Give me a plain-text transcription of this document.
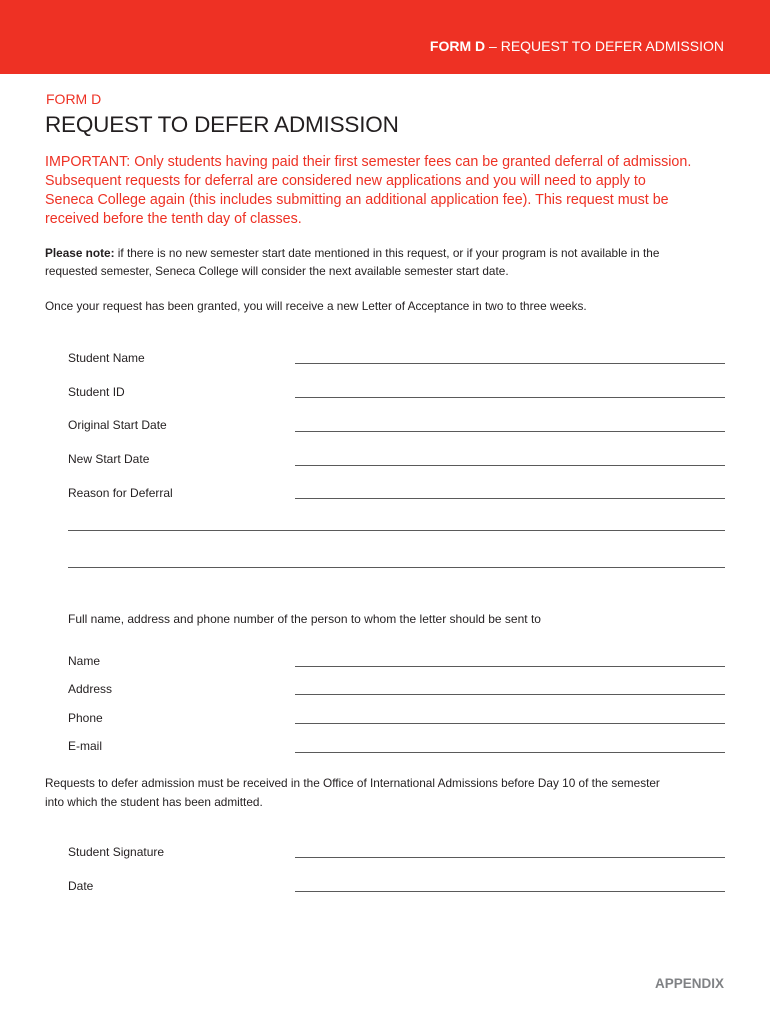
FORM D – REQUEST TO DEFER ADMISSION
FORM D
REQUEST TO DEFER ADMISSION
IMPORTANT: Only students having paid their first semester fees can be granted deferral of admission.
Subsequent requests for deferral are considered new applications and you will need to apply to
Seneca College again (this includes submitting an additional application fee). This request must be
received before the tenth day of classes.
Please note: if there is no new semester start date mentioned in this request, or if your program is not available in the
requested semester, Seneca College will consider the next available semester start date.
Once your request has been granted, you will receive a new Letter of Acceptance in two to three weeks.
Student Name
Student ID
Original Start Date
New Start Date
Reason for Deferral
Full name, address and phone number of the person to whom the letter should be sent to
Name
Address
Phone
E-mail
Requests to defer admission must be received in the Office of International Admissions before Day 10 of the semester
into which the student has been admitted.
Student Signature
Date
APPENDIX
